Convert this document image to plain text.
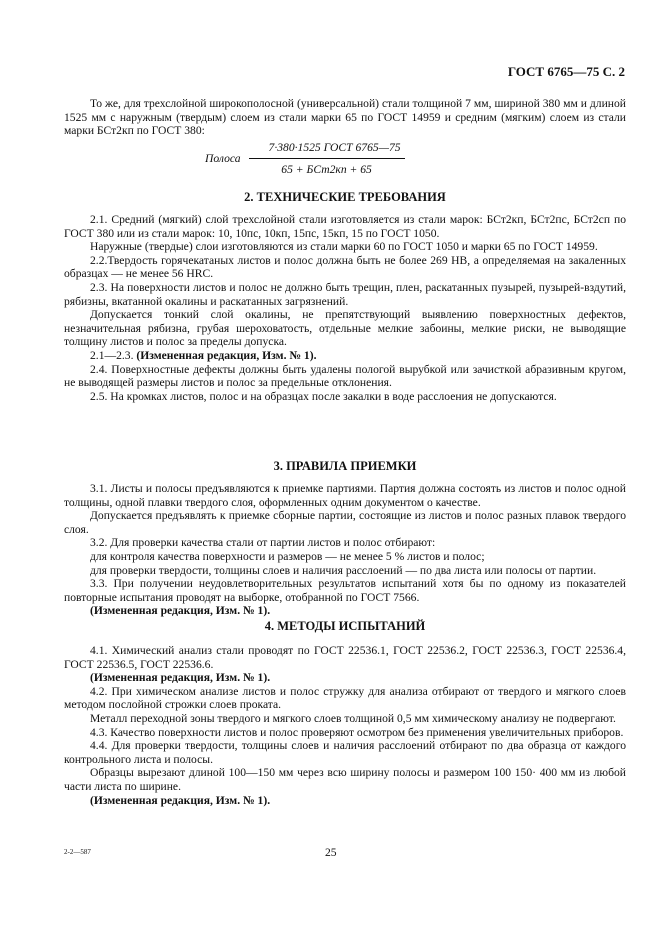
ГОСТ 6765—75 С. 2

То же, для трехслойной широкополосной (универсальной) стали толщиной 7 мм, шириной 380 мм и длиной 1525 мм с наружным (твердым) слоем из стали марки 65 по ГОСТ 14959 и средним (мягким) слоем из стали марки БСт2кп по ГОСТ 380:

Полоса $\frac{\text{7·380·1525 ГОСТ 6765—75}}{\text{65 + БСт2кп + 65}}$
2. ТЕХНИЧЕСКИЕ ТРЕБОВАНИЯ

2.1. Средний (мягкий) слой трехслойной стали изготовляется из стали марок: БСт2кп, БСт2пс, БСт2сп по ГОСТ 380 или из стали марок: 10, 10пс, 10кп, 15пс, 15кп, 15 по ГОСТ 1050.

Наружные (твердые) слои изготовляются из стали марки 60 по ГОСТ 1050 и марки 65 по ГОСТ 14959.

2.2.Твердость горячекатаных листов и полос должна быть не более 269 НВ, а определяемая на закаленных образцах — не менее 56 HRC.

2.3. На поверхности листов и полос не должно быть трещин, плен, раскатанных пузырей, пузырей-вздутий, рябизны, вкатанной окалины и раскатанных загрязнений.

Допускается тонкий слой окалины, не препятствующий выявлению поверхностных дефектов, незначительная рябизна, грубая шероховатость, отдельные мелкие забоины, мелкие риски, не выводящие толщину листов и полос за пределы допуска.

2.1—2.3. (Измененная редакция, Изм. № 1).

2.4. Поверхностные дефекты должны быть удалены пологой вырубкой или зачисткой абразивным кругом, не выводящей размеры листов и полос за предельные отклонения.

2.5. На кромках листов, полос и на образцах после закалки в воде расслоения не допускаются.

3. ПРАВИЛА ПРИЕМКИ

3.1. Листы и полосы предъявляются к приемке партиями. Партия должна состоять из листов и полос одной толщины, одной плавки твердого слоя, оформленных одним документом о качестве.

Допускается предъявлять к приемке сборные партии, состоящие из листов и полос разных плавок твердого слоя.

3.2. Для проверки качества стали от партии листов и полос отбирают:

для контроля качества поверхности и размеров — не менее 5 % листов и полос;

для проверки твердости, толщины слоев и наличия расслоений — по два листа или полосы от партии.

3.3. При получении неудовлетворительных результатов испытаний хотя бы по одному из показателей повторные испытания проводят на выборке, отобранной по ГОСТ 7566.

(Измененная редакция, Изм. № 1).

4. МЕТОДЫ ИСПЫТАНИЙ

4.1. Химический анализ стали проводят по ГОСТ 22536.1, ГОСТ 22536.2, ГОСТ 22536.3, ГОСТ 22536.4, ГОСТ 22536.5, ГОСТ 22536.6.

(Измененная редакция, Изм. № 1).

4.2. При химическом анализе листов и полос стружку для анализа отбирают от твердого и мягкого слоев методом послойной строжки слоев проката.

Металл переходной зоны твердого и мягкого слоев толщиной 0,5 мм химическому анализу не подвергают.

4.3. Качество поверхности листов и полос проверяют осмотром без применения увеличительных приборов.

4.4. Для проверки твердости, толщины слоев и наличия расслоений отбирают по два образца от каждого контрольного листа и полосы.

Образцы вырезают длиной 100—150 мм через всю ширину полосы и размером 100 150· 400 мм из любой части листа по ширине.

(Измененная редакция, Изм. № 1).

2-2—587	25
